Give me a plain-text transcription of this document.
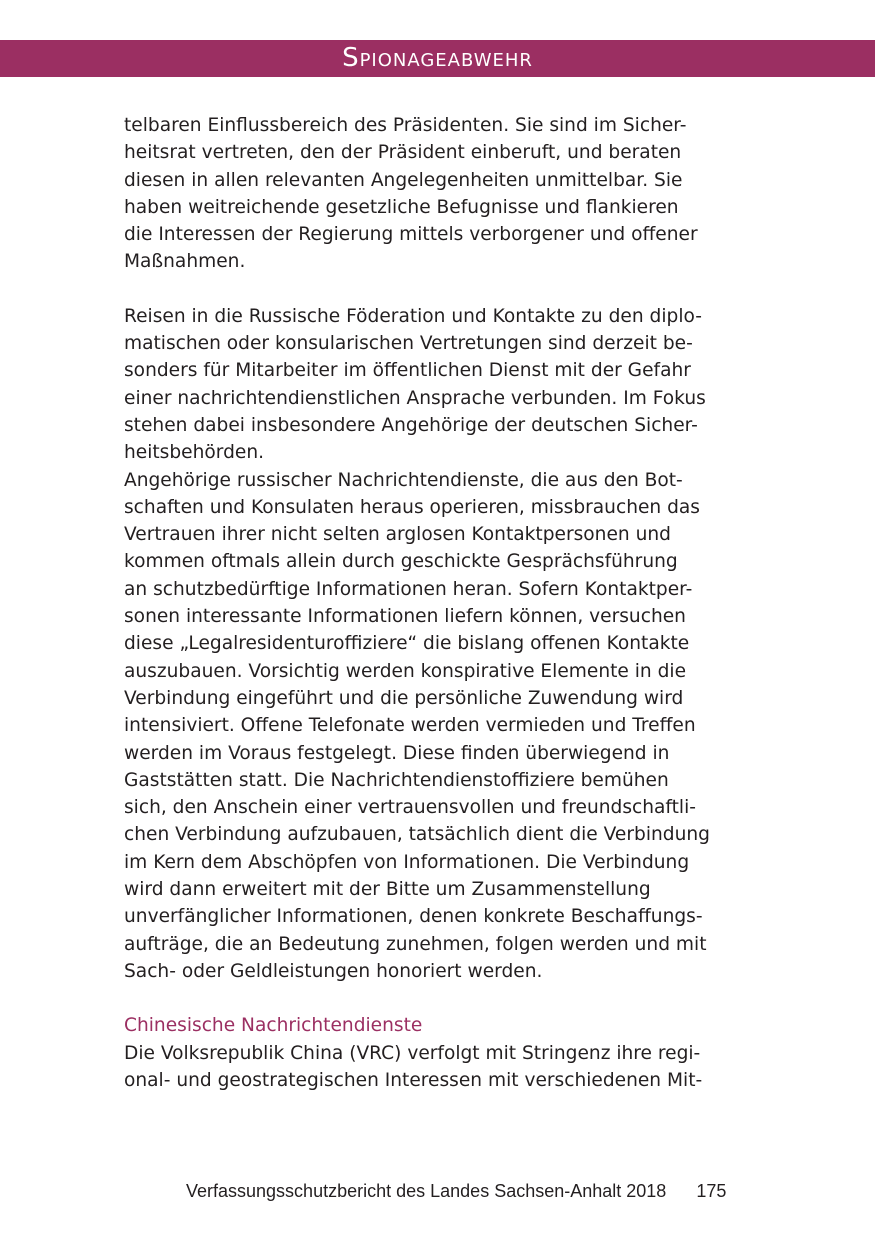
Spionageabwehr

telbaren Einflussbereich des Präsidenten. Sie sind im Sicher-
heitsrat vertreten, den der Präsident einberuft, und beraten
diesen in allen relevanten Angelegenheiten unmittelbar. Sie
haben weitreichende gesetzliche Befugnisse und flankieren
die Interessen der Regierung mittels verborgener und offener
Maßnahmen.

Reisen in die Russische Föderation und Kontakte zu den diplo-
matischen oder konsularischen Vertretungen sind derzeit be-
sonders für Mitarbeiter im öffentlichen Dienst mit der Gefahr
einer nachrichtendienstlichen Ansprache verbunden. Im Fokus
stehen dabei insbesondere Angehörige der deutschen Sicher-
heitsbehörden.

Angehörige russischer Nachrichtendienste, die aus den Bot-
schaften und Konsulaten heraus operieren, missbrauchen das
Vertrauen ihrer nicht selten arglosen Kontaktpersonen und
kommen oftmals allein durch geschickte Gesprächsführung
an schutzbedürftige Informationen heran. Sofern Kontaktper-
sonen interessante Informationen liefern können, versuchen
diese „Legalresidenturoffiziere“ die bislang offenen Kontakte
auszubauen. Vorsichtig werden konspirative Elemente in die
Verbindung eingeführt und die persönliche Zuwendung wird
intensiviert. Offene Telefonate werden vermieden und Treffen
werden im Voraus festgelegt. Diese finden überwiegend in
Gaststätten statt. Die Nachrichtendienstoffiziere bemühen
sich, den Anschein einer vertrauensvollen und freundschaftli-
chen Verbindung aufzubauen, tatsächlich dient die Verbindung
im Kern dem Abschöpfen von Informationen. Die Verbindung
wird dann erweitert mit der Bitte um Zusammenstellung
unverfänglicher Informationen, denen konkrete Beschaffungs-
aufträge, die an Bedeutung zunehmen, folgen werden und mit
Sach- oder Geldleistungen honoriert werden.

Chinesische Nachrichtendienste
Die Volksrepublik China (VRC) verfolgt mit Stringenz ihre regi-
onal- und geostrategischen Interessen mit verschiedenen Mit-

Verfassungsschutzbericht des Landes Sachsen-Anhalt 2018 175
